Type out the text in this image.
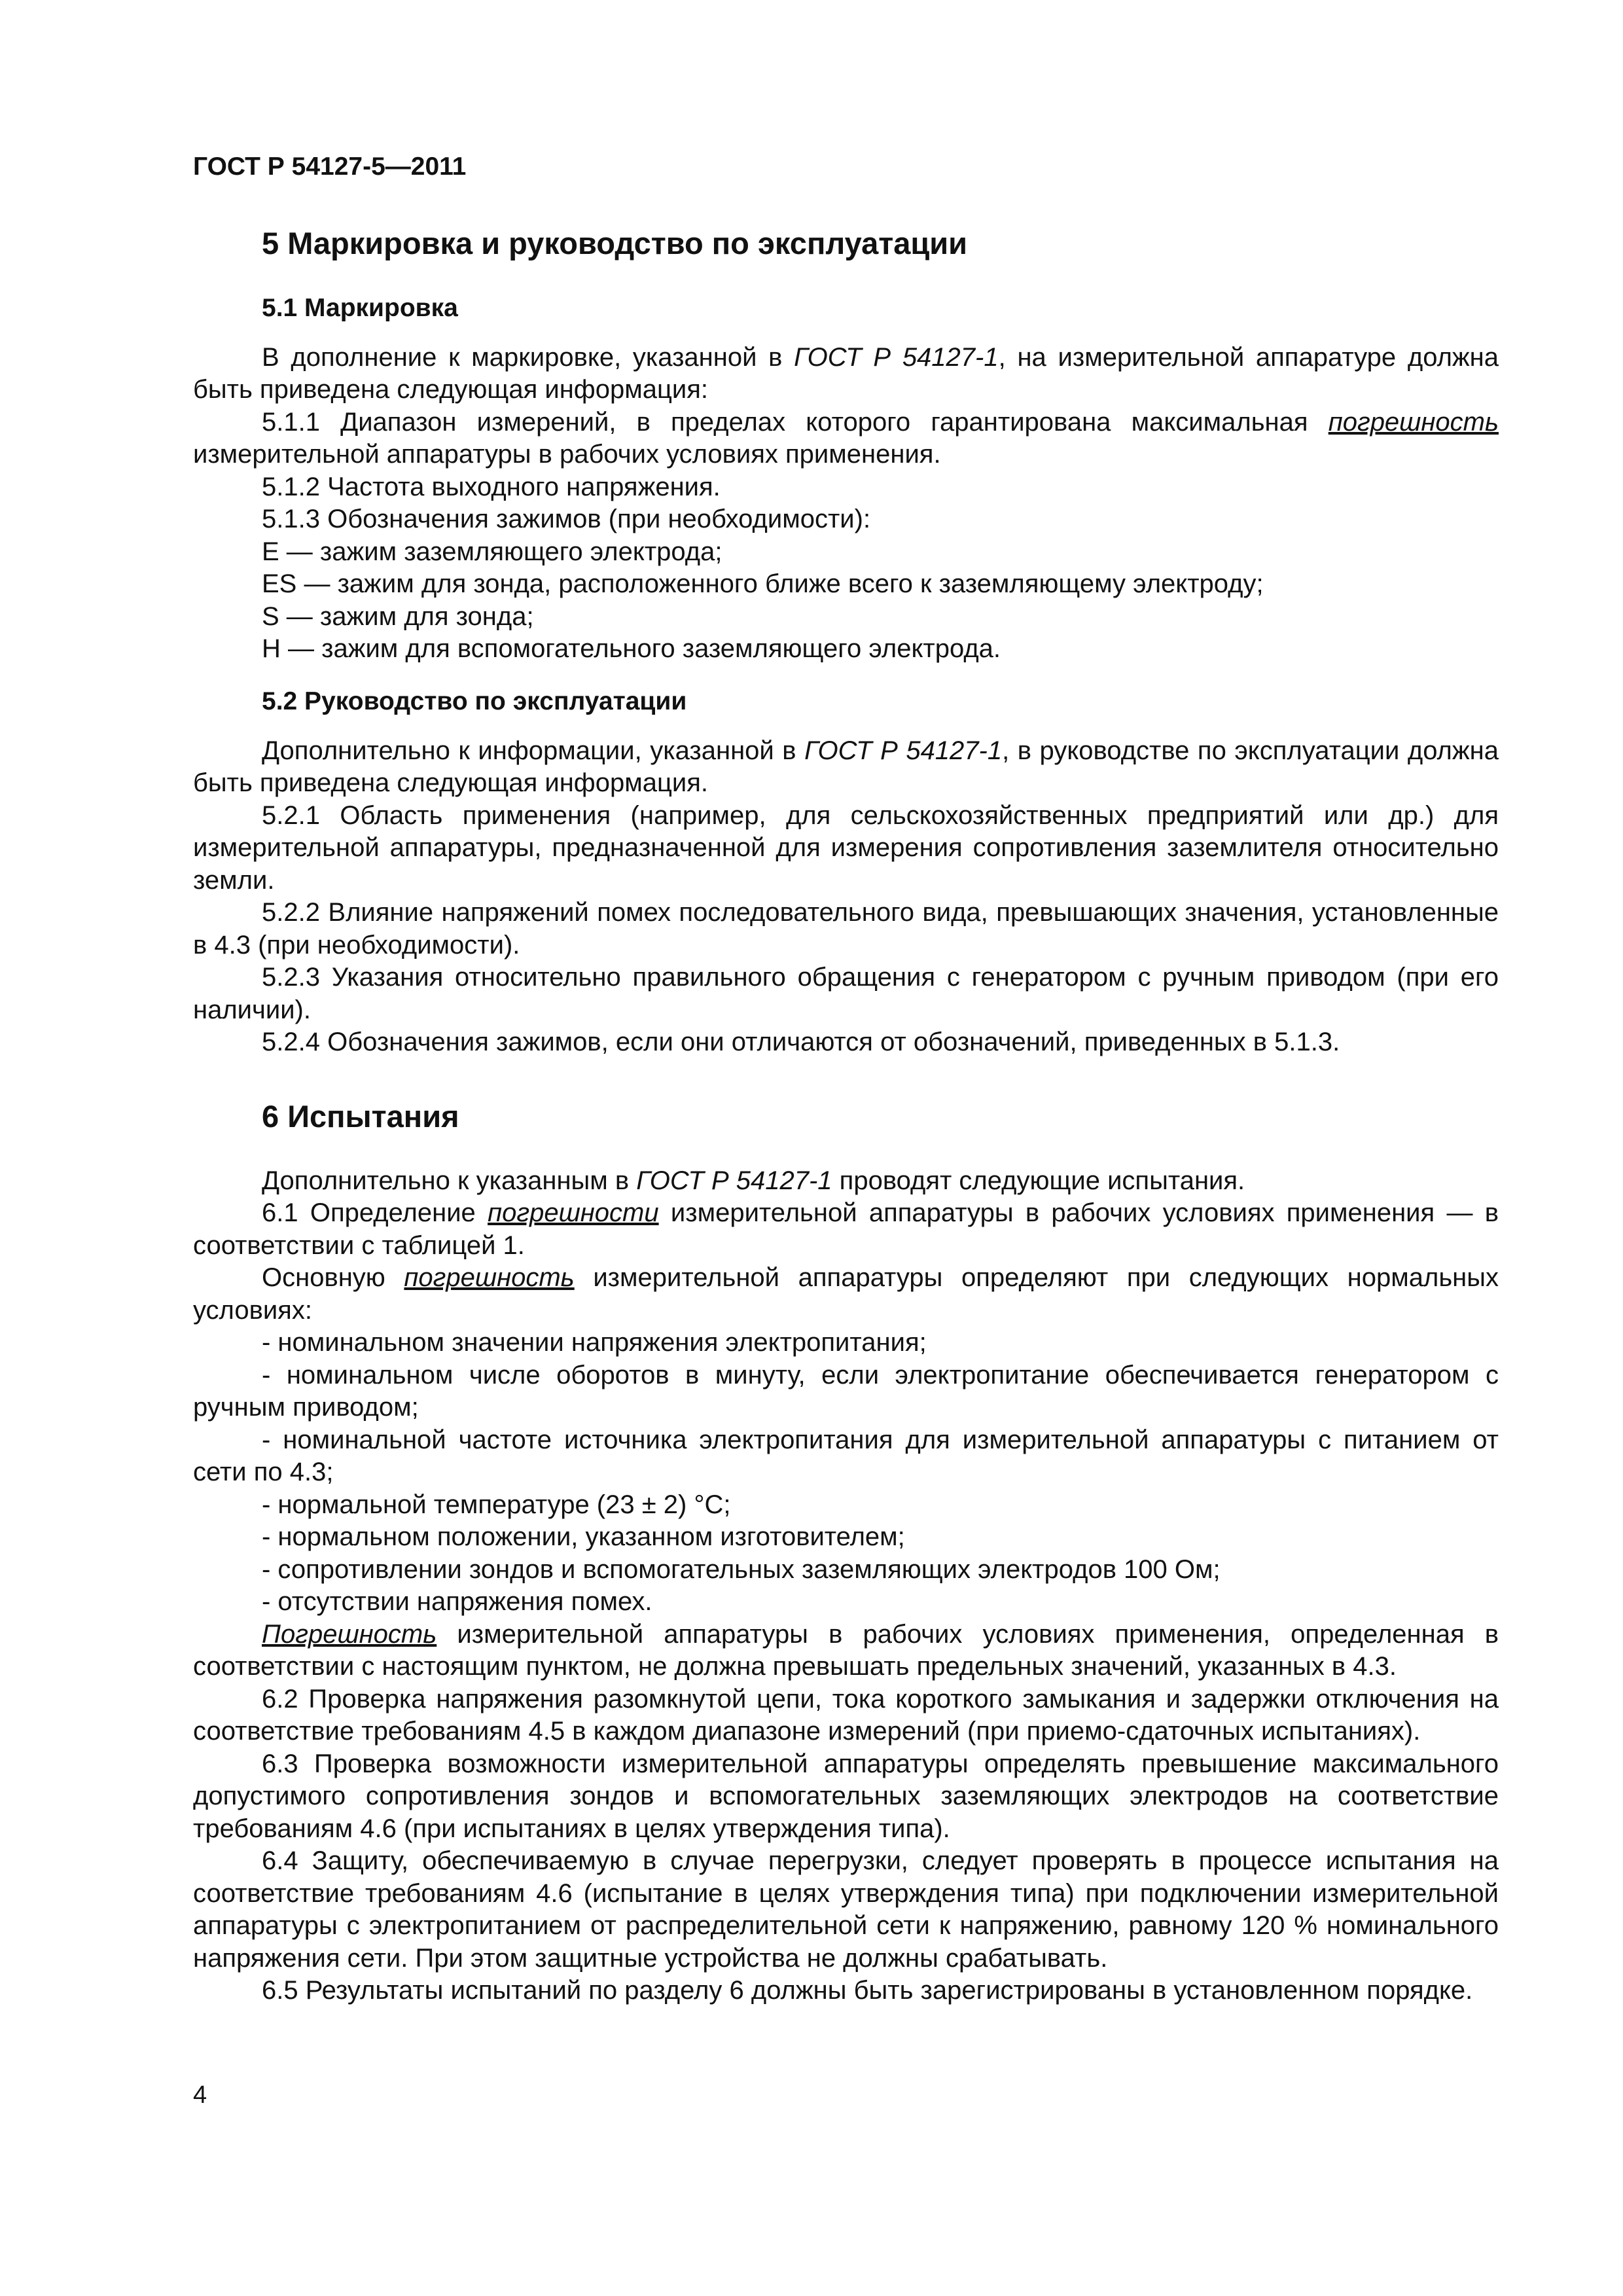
ГОСТ Р 54127-5—2011
5 Маркировка и руководство по эксплуатации
5.1 Маркировка

В дополнение к маркировке, указанной в ГОСТ Р 54127-1, на измерительной аппаратуре должна быть приведена следующая информация:

5.1.1 Диапазон измерений, в пределах которого гарантирована максимальная погрешность измерительной аппаратуры в рабочих условиях применения.

5.1.2 Частота выходного напряжения.

5.1.3 Обозначения зажимов (при необходимости):

E — зажим заземляющего электрода;

ES — зажим для зонда, расположенного ближе всего к заземляющему электроду;

S — зажим для зонда;

H — зажим для вспомогательного заземляющего электрода.

5.2 Руководство по эксплуатации

Дополнительно к информации, указанной в ГОСТ Р 54127-1, в руководстве по эксплуатации должна быть приведена следующая информация.

5.2.1 Область применения (например, для сельскохозяйственных предприятий или др.) для измерительной аппаратуры, предназначенной для измерения сопротивления заземлителя относительно земли.

5.2.2 Влияние напряжений помех последовательного вида, превышающих значения, установленные в 4.3 (при необходимости).

5.2.3 Указания относительно правильного обращения с генератором с ручным приводом (при его наличии).

5.2.4 Обозначения зажимов, если они отличаются от обозначений, приведенных в 5.1.3.

6 Испытания

Дополнительно к указанным в ГОСТ Р 54127-1 проводят следующие испытания.

6.1 Определение погрешности измерительной аппаратуры в рабочих условиях применения — в соответствии с таблицей 1.

Основную погрешность измерительной аппаратуры определяют при следующих нормальных условиях:

- номинальном значении напряжения электропитания;

- номинальном числе оборотов в минуту, если электропитание обеспечивается генератором с ручным приводом;

- номинальной частоте источника электропитания для измерительной аппаратуры с питанием от сети по 4.3;

- нормальной температуре (23 ± 2) °С;

- нормальном положении, указанном изготовителем;

- сопротивлении зондов и вспомогательных заземляющих электродов 100 Ом;

- отсутствии напряжения помех.

Погрешность измерительной аппаратуры в рабочих условиях применения, определенная в соответствии с настоящим пунктом, не должна превышать предельных значений, указанных в 4.3.

6.2 Проверка напряжения разомкнутой цепи, тока короткого замыкания и задержки отключения на соответствие требованиям 4.5 в каждом диапазоне измерений (при приемо-сдаточных испытаниях).

6.3 Проверка возможности измерительной аппаратуры определять превышение максимального допустимого сопротивления зондов и вспомогательных заземляющих электродов на соответствие требованиям 4.6 (при испытаниях в целях утверждения типа).

6.4 Защиту, обеспечиваемую в случае перегрузки, следует проверять в процессе испытания на соответствие требованиям 4.6 (испытание в целях утверждения типа) при подключении измерительной аппаратуры с электропитанием от распределительной сети к напряжению, равному 120 % номинального напряжения сети. При этом защитные устройства не должны срабатывать.

6.5 Результаты испытаний по разделу 6 должны быть зарегистрированы в установленном порядке.

4
